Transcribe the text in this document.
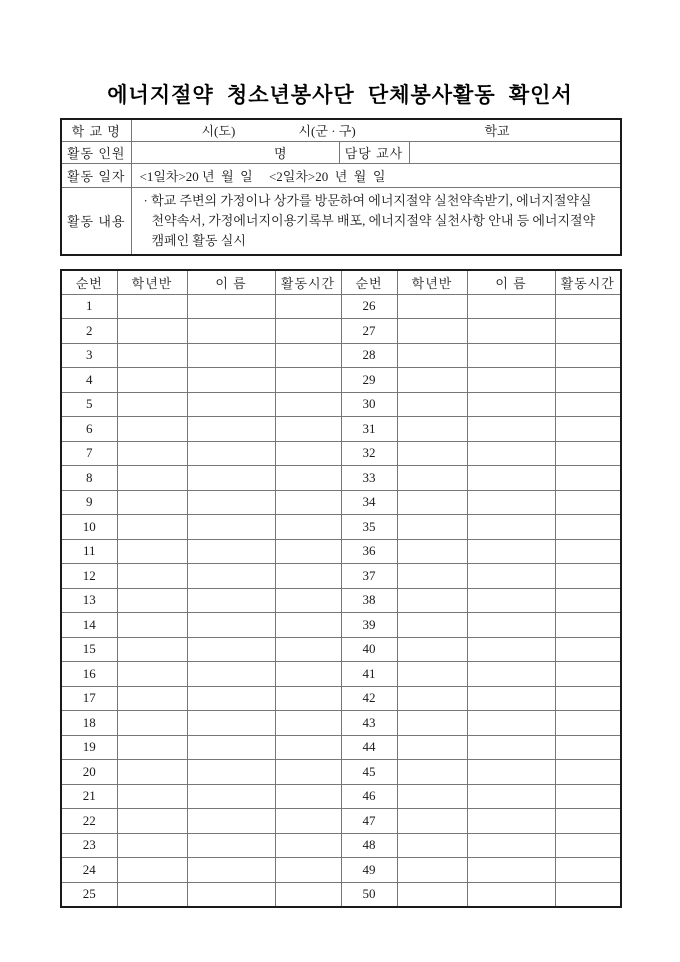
에너지절약 청소년봉사단 단체봉사활동 확인서
학 교 명	시(도) 시(군 · 구) 학교		

활동 인원	명	담당 교사	
활동 일자	<1일차>20 년  월  일     <2일차>20  년  월  일		
활동 내용	· 학교 주변의 가정이나 상가를 방문하여 에너지절약 실천약속받기, 에너지절약실
천약속서, 가정에너지이용기록부 배포, 에너지절약 실천사항 안내 등 에너지절약
캠페인 활동 실시		

순번	학년반	이 름	활동시간	순번	학년반	이 름	활동시간
1				26			
2				27			
3				28			
4				29			
5				30			
6				31			
7				32			
8				33			
9				34			
10				35			
11				36			
12				37			
13				38			
14				39			
15				40			
16				41			
17				42			
18				43			
19				44			
20				45			
21				46			
22				47			
23				48			
24				49			
25				50			
